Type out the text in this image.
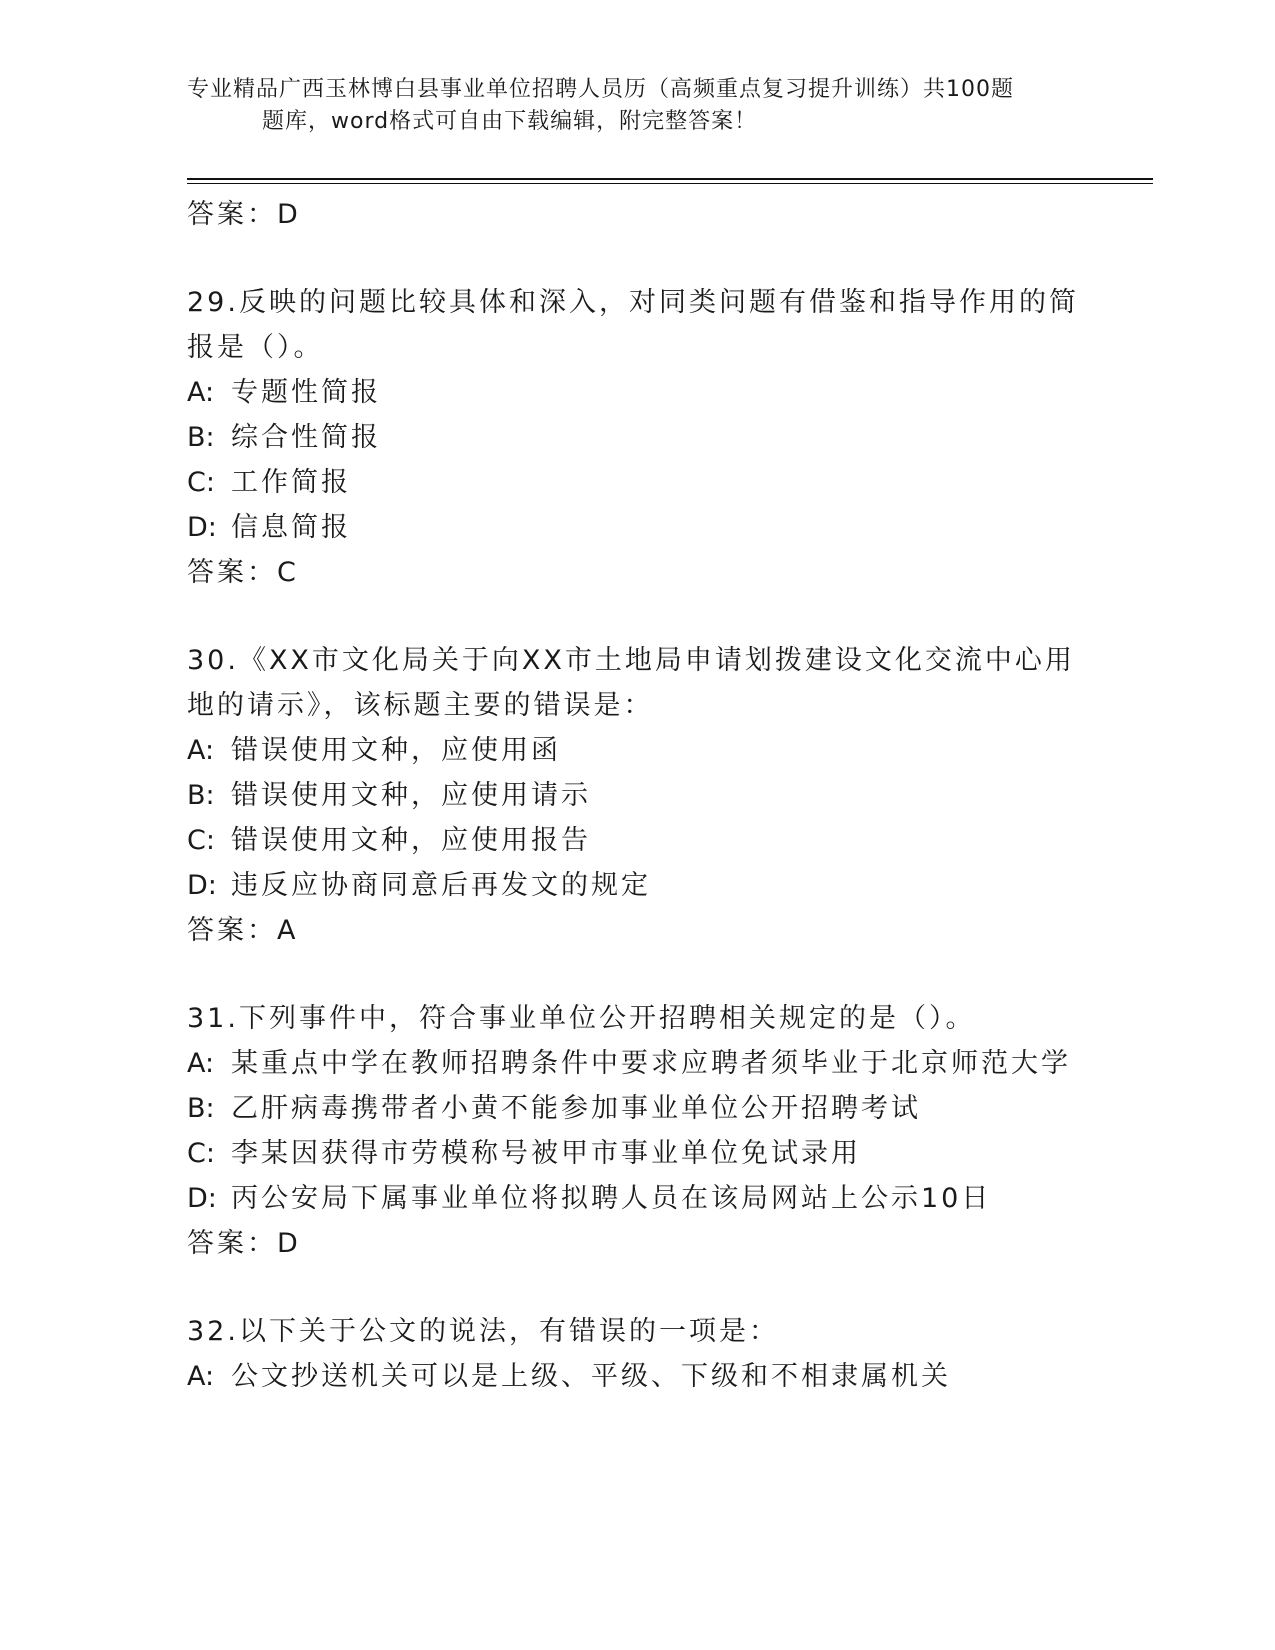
专业精品广西玉林博白县事业单位招聘人员历（高频重点复习提升训练）共100题
题库，word格式可自由下载编辑，附完整答案！
答案：D
29.反映的问题比较具体和深入，对同类问题有借鉴和指导作用的简报是（）。
A: 专题性简报
B: 综合性简报
C: 工作简报
D: 信息简报
答案：C
30.《XX市文化局关于向XX市土地局申请划拨建设文化交流中心用地的请示》，该标题主要的错误是：
A: 错误使用文种，应使用函
B: 错误使用文种，应使用请示
C: 错误使用文种，应使用报告
D: 违反应协商同意后再发文的规定
答案：A
31.下列事件中，符合事业单位公开招聘相关规定的是（）。
A: 某重点中学在教师招聘条件中要求应聘者须毕业于北京师范大学
B: 乙肝病毒携带者小黄不能参加事业单位公开招聘考试
C: 李某因获得市劳模称号被甲市事业单位免试录用
D: 丙公安局下属事业单位将拟聘人员在该局网站上公示10日
答案：D
32.以下关于公文的说法，有错误的一项是：
A: 公文抄送机关可以是上级、平级、下级和不相隶属机关
